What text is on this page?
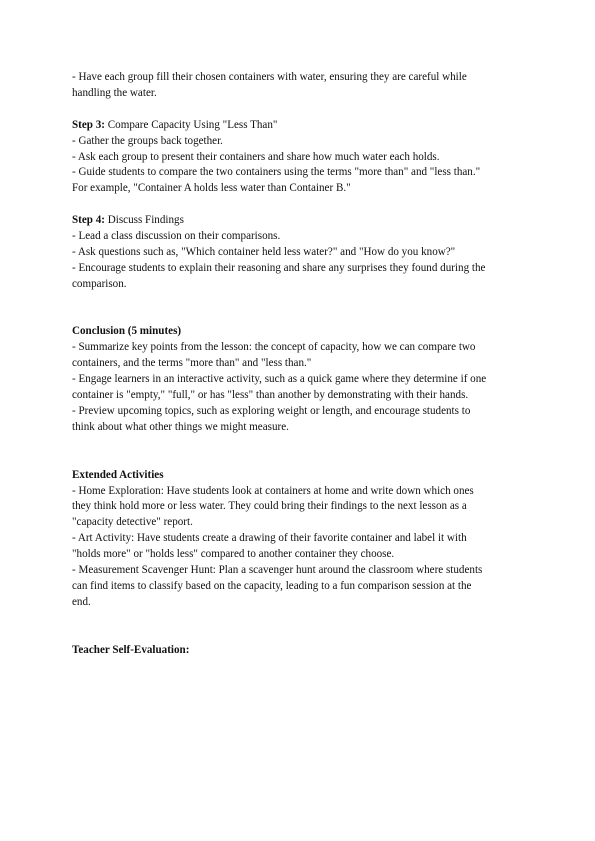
- Have each group fill their chosen containers with water, ensuring they are careful while
handling the water.
Step 3: Compare Capacity Using "Less Than"
- Gather the groups back together.
- Ask each group to present their containers and share how much water each holds.
- Guide students to compare the two containers using the terms "more than" and "less than."
For example, "Container A holds less water than Container B."
Step 4: Discuss Findings
- Lead a class discussion on their comparisons.
- Ask questions such as, "Which container held less water?" and "How do you know?"
- Encourage students to explain their reasoning and share any surprises they found during the
comparison.
Conclusion (5 minutes)
- Summarize key points from the lesson: the concept of capacity, how we can compare two
containers, and the terms "more than" and "less than."
- Engage learners in an interactive activity, such as a quick game where they determine if one
container is "empty," "full," or has "less" than another by demonstrating with their hands.
- Preview upcoming topics, such as exploring weight or length, and encourage students to
think about what other things we might measure.
Extended Activities
- Home Exploration: Have students look at containers at home and write down which ones
they think hold more or less water. They could bring their findings to the next lesson as a
"capacity detective" report.
- Art Activity: Have students create a drawing of their favorite container and label it with
"holds more" or "holds less" compared to another container they choose.
- Measurement Scavenger Hunt: Plan a scavenger hunt around the classroom where students
can find items to classify based on the capacity, leading to a fun comparison session at the
end.
Teacher Self-Evaluation:
